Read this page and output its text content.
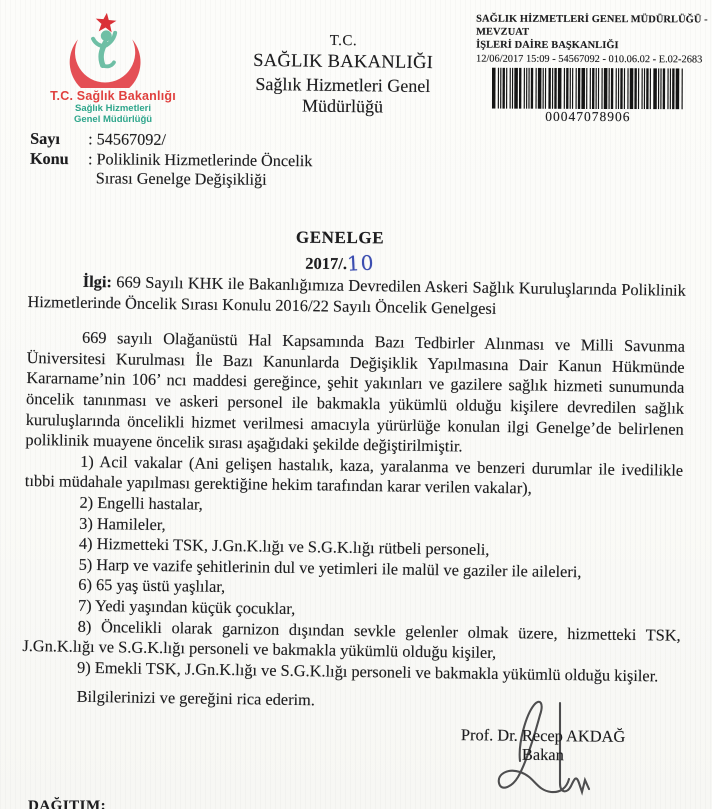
T.C. Sağlık Bakanlığı
Sağlık Hizmetleri
Genel Müdürlüğü
T.C.
SAĞLIK BAKANLIĞI
Sağlık Hizmetleri Genel Müdürlüğü
SAĞLIK HİZMETLERİ GENEL MÜDÜRLÜĞÜ - MEVZUAT
İŞLERİ DAİRE BAŞKANLIĞI
12/06/2017 15:09 - 54567092 - 010.06.02 - E.02-2683
00047078906
Sayı	: 54567092/
Konu	: Poliklinik Hizmetlerinde Öncelik
Sırası Genelge Değişikliği
GENELGE
2017/.10

İlgi: 669 Sayılı KHK ile Bakanlığımıza Devredilen Askeri Sağlık Kuruluşlarında Poliklinik Hizmetlerinde Öncelik Sırası Konulu 2016/22 Sayılı Öncelik Genelgesi

669 sayılı Olağanüstü Hal Kapsamında Bazı Tedbirler Alınması ve Milli Savunma Üniversitesi Kurulması İle Bazı Kanunlarda Değişiklik Yapılmasına Dair Kanun Hükmünde Kararname’nin 106’ ncı maddesi gereğince, şehit yakınları ve gazilere sağlık hizmeti sunumunda öncelik tanınması ve askeri personel ile bakmakla yükümlü olduğu kişilere devredilen sağlık kuruluşlarında öncelikli hizmet verilmesi amacıyla yürürlüğe konulan ilgi Genelge’de belirlenen poliklinik muayene öncelik sırası aşağıdaki şekilde değiştirilmiştir.

1) Acil vakalar (Ani gelişen hastalık, kaza, yaralanma ve benzeri durumlar ile ivedilikle tıbbi müdahale yapılması gerektiğine hekim tarafından karar verilen vakalar),

2) Engelli hastalar,

3) Hamileler,

4) Hizmetteki TSK, J.Gn.K.lığı ve S.G.K.lığı rütbeli personeli,

5) Harp ve vazife şehitlerinin dul ve yetimleri ile malül ve gaziler ile aileleri,

6) 65 yaş üstü yaşlılar,

7) Yedi yaşından küçük çocuklar,

8) Öncelikli olarak garnizon dışından sevkle gelenler olmak üzere, hizmetteki TSK, J.Gn.K.lığı ve S.G.K.lığı personeli ve bakmakla yükümlü olduğu kişiler,

9) Emekli TSK, J.Gn.K.lığı ve S.G.K.lığı personeli ve bakmakla yükümlü olduğu kişiler.

Bilgilerinizi ve gereğini rica ederim.

Prof. Dr. Recep AKDAĞ
Bakan
DAĞITIM:
